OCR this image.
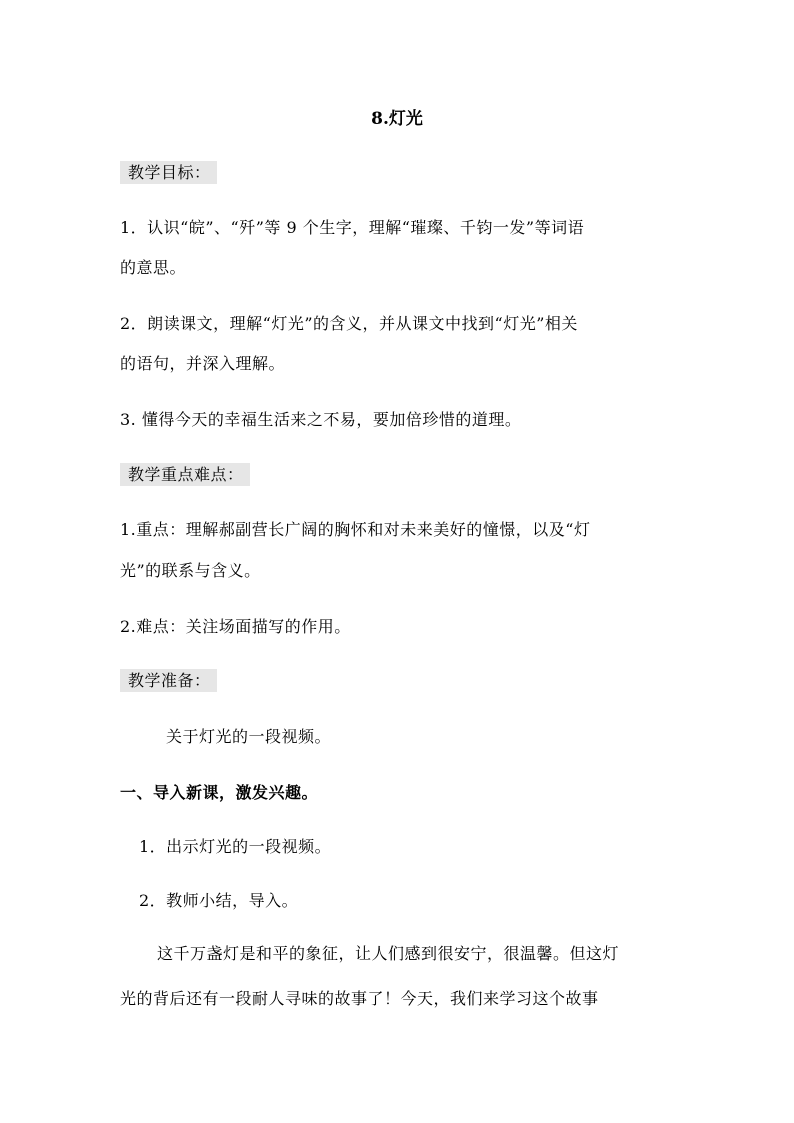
8.灯光
教学目标：
1．认识“皖”、“歼”等 9 个生字，理解“璀璨、千钧一发”等词语
的意思。
2．朗读课文，理解“灯光”的含义，并从课文中找到“灯光”相关
的语句，并深入理解。
3. 懂得今天的幸福生活来之不易，要加倍珍惜的道理。
教学重点难点：
1.重点：理解郝副营长广阔的胸怀和对未来美好的憧憬，以及“灯
光”的联系与含义。
2.难点：关注场面描写的作用。
教学准备：
关于灯光的一段视频。
一、导入新课，激发兴趣。
1．出示灯光的一段视频。
2．教师小结，导入。
这千万盏灯是和平的象征，让人们感到很安宁，很温馨。但这灯
光的背后还有一段耐人寻味的故事了！今天，我们来学习这个故事
